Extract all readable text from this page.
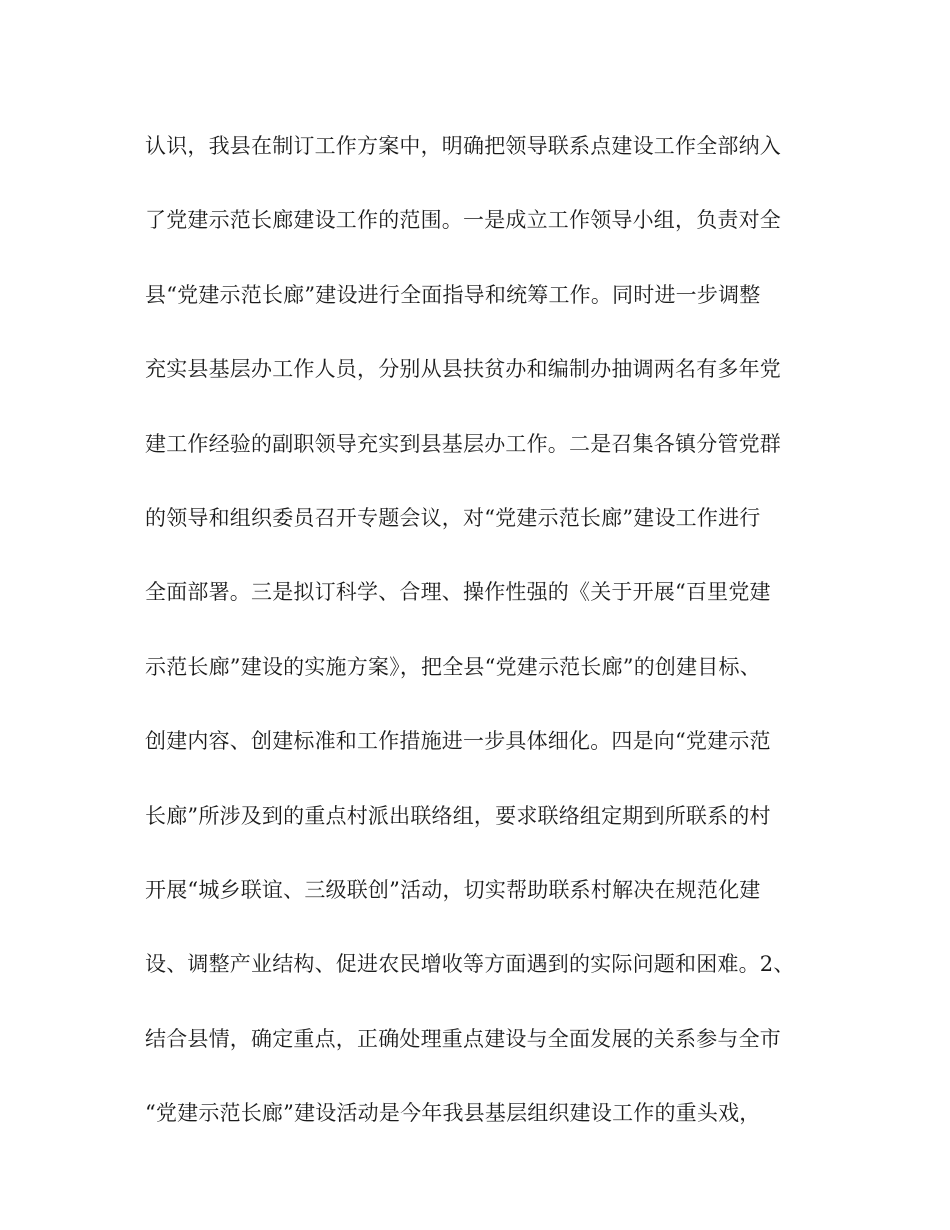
认识，我县在制订工作方案中，明确把领导联系点建设工作全部纳入
了党建示范长廊建设工作的范围。一是成立工作领导小组，负责对全
县“党建示范长廊”建设进行全面指导和统筹工作。同时进一步调整
充实县基层办工作人员，分别从县扶贫办和编制办抽调两名有多年党
建工作经验的副职领导充实到县基层办工作。二是召集各镇分管党群
的领导和组织委员召开专题会议，对“党建示范长廊”建设工作进行
全面部署。三是拟订科学、合理、操作性强的《关于开展“百里党建
示范长廊”建设的实施方案》，把全县“党建示范长廊”的创建目标、
创建内容、创建标准和工作措施进一步具体细化。四是向“党建示范
长廊”所涉及到的重点村派出联络组，要求联络组定期到所联系的村
开展“城乡联谊、三级联创”活动，切实帮助联系村解决在规范化建
设、调整产业结构、促进农民增收等方面遇到的实际问题和困难。2、
结合县情，确定重点，正确处理重点建设与全面发展的关系参与全市
“党建示范长廊”建设活动是今年我县基层组织建设工作的重头戏，
